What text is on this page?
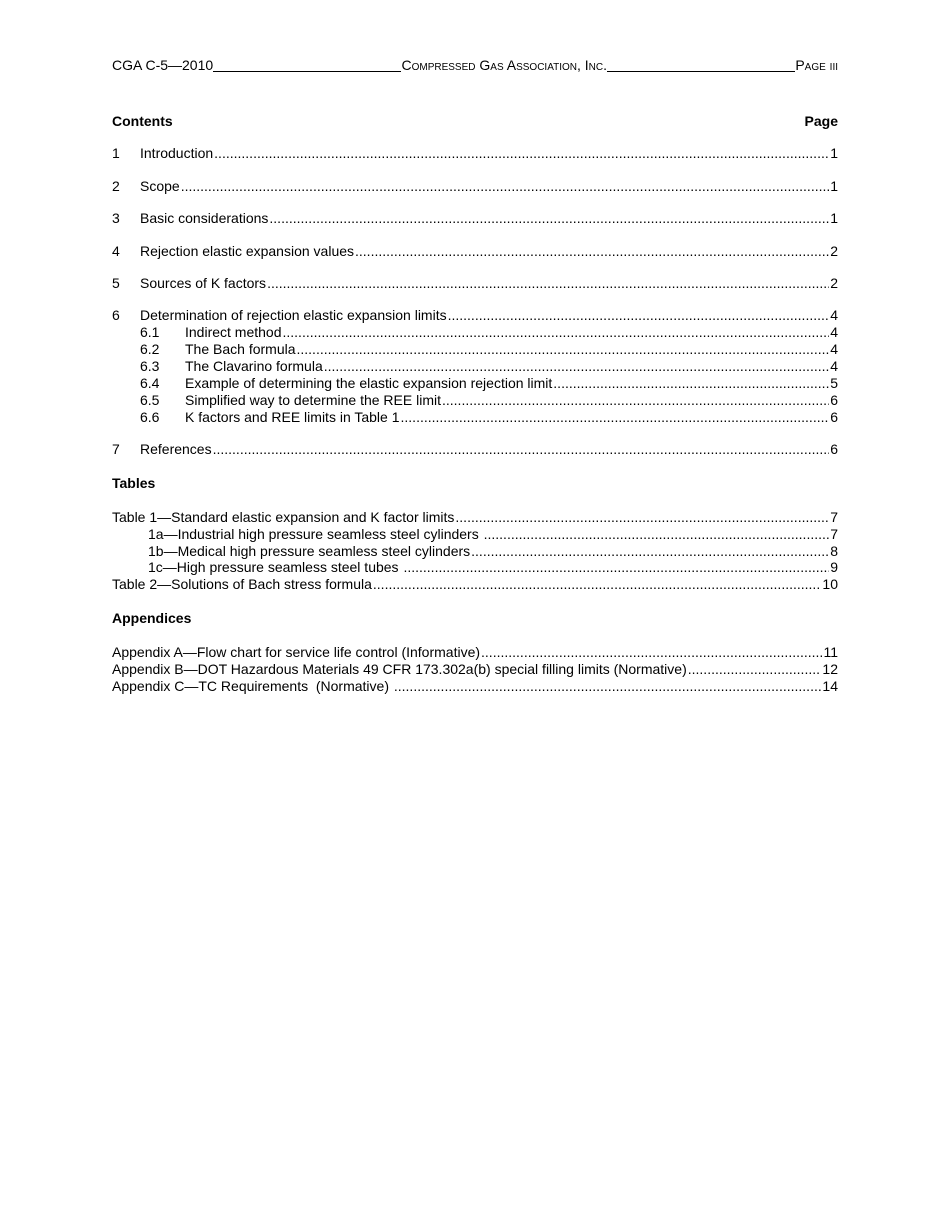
CGA C-5—2010	Compressed Gas Association, Inc.	Page iii
Contents	Page
1	Introduction .....	1
2	Scope .....	1
3	Basic considerations .....	1
4	Rejection elastic expansion values .....	2
5	Sources of K factors .....	2
6	Determination of rejection elastic expansion limits .....	4
6.1	Indirect method .....	4
6.2	The Bach formula .....	4
6.3	The Clavarino formula .....	4
6.4	Example of determining the elastic expansion rejection limit .....	5
6.5	Simplified way to determine the REE limit .....	6
6.6	K factors and REE limits in Table 1 .....	6
7	References .....	6
Tables
Table 1—Standard elastic expansion and K factor limits .....	7
1a—Industrial high pressure seamless steel cylinders .....	7
1b—Medical high pressure seamless steel cylinders .....	8
1c—High pressure seamless steel tubes .....	9
Table 2—Solutions of Bach stress formula .....	10
Appendices
Appendix A—Flow chart for service life control (Informative) .....	11
Appendix B—DOT Hazardous Materials 49 CFR 173.302a(b) special filling limits (Normative) .....	12
Appendix C—TC Requirements  (Normative) .....	14
